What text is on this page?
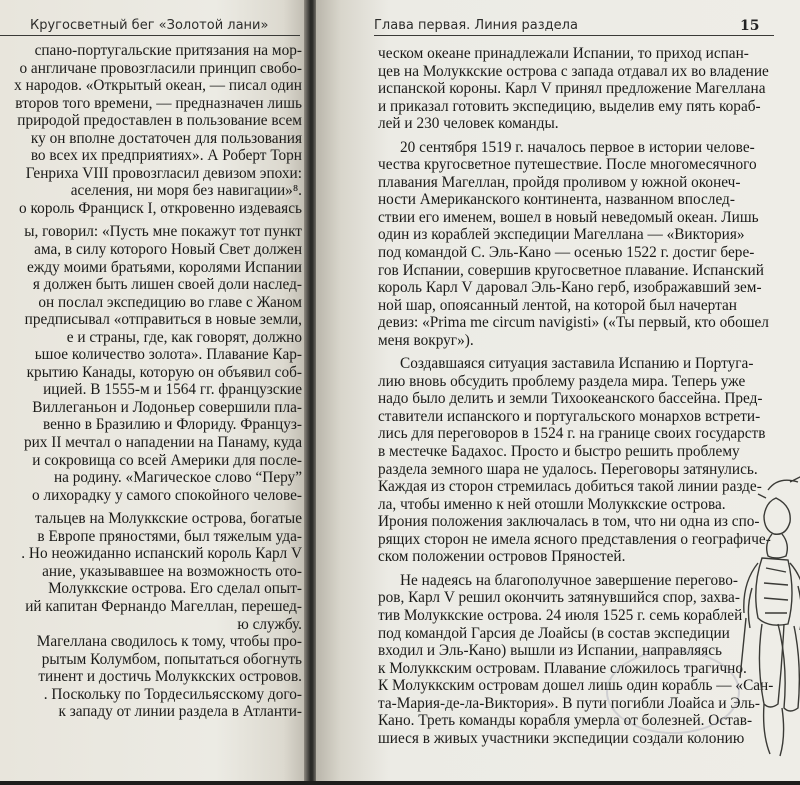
Кругосветный бег «Золотой лани»
спано-португальские притязания на мор-
о англичане провозгласили принцип свобо-
х народов. «Открытый океан, — писал один
второв того времени, — предназначен лишь
природой предоставлен в пользование всем
ку он вполне достаточен для пользования
во всех их предприятиях». А Роберт Торн
Генриха VIII провозгласил девизом эпохи:
аселения, ни моря без навигации»⁸.
о король Франциск I, откровенно издеваясь
ы, говорил: «Пусть мне покажут тот пункт
ама, в силу которого Новый Свет должен
ежду моими братьями, королями Испании
я должен быть лишен своей доли наслед-
он послал экспедицию во главе с Жаном
предписывал «отправиться в новые земли,
е и страны, где, как говорят, должно
ьшое количество золота». Плавание Кар-
крытию Канады, которую он объявил соб-
ицией. В 1555-м и 1564 гг. французские
Виллеганьон и Лодоньер совершили пла-
венно в Бразилию и Флориду. Француз-
рих II мечтал о нападении на Панаму, куда
и сокровища со всей Америки для после-
на родину. «Магическое слово “Перу”
о лихорадку у самого спокойного челове-
тальцев на Молуккские острова, богатые
в Европе пряностями, был тяжелым уда-
. Но неожиданно испанский король Карл V
ание, указывавшее на возможность ото-
Молуккские острова. Его сделал опыт-
ий капитан Фернандо Магеллан, перешед-
ю службу.
Магеллана сводилось к тому, чтобы про-
рытым Колумбом, попытаться обогнуть
тинент и достичь Молуккских островов.
. Поскольку по Тордесильясскому дого-
к западу от линии раздела в Атланти-
Глава первая. Линия раздела	15
ческом океане принадлежали Испании, то приход испан-
цев на Молуккские острова с запада отдавал их во владение
испанской короны. Карл V принял предложение Магеллана
и приказал готовить экспедицию, выделив ему пять кораб-
лей и 230 человек команды.
20 сентября 1519 г. началось первое в истории челове-
чества кругосветное путешествие. После многомесячного
плавания Магеллан, пройдя проливом у южной оконеч-
ности Американского континента, названном впослед-
ствии его именем, вошел в новый неведомый океан. Лишь
один из кораблей экспедиции Магеллана — «Виктория»
под командой С. Эль-Кано — осенью 1522 г. достиг бере-
гов Испании, совершив кругосветное плавание. Испанский
король Карл V даровал Эль-Кано герб, изображавший зем-
ной шар, опоясанный лентой, на которой был начертан
девиз: «Prima me circum navigisti» («Ты первый, кто обошел
меня вокруг»).
Создавшаяся ситуация заставила Испанию и Португа-
лию вновь обсудить проблему раздела мира. Теперь уже
надо было делить и земли Тихоокеанского бассейна. Пред-
ставители испанского и португальского монархов встрети-
лись для переговоров в 1524 г. на границе своих государств
в местечке Бадахос. Просто и быстро решить проблему
раздела земного шара не удалось. Переговоры затянулись.
Каждая из сторон стремилась добиться такой линии разде-
ла, чтобы именно к ней отошли Молуккские острова.
Ирония положения заключалась в том, что ни одна из спо-
рящих сторон не имела ясного представления о географиче-
ском положении островов Пряностей.
Не надеясь на благополучное завершение перегово-
ров, Карл V решил окончить затянувшийся спор, захва-
тив Молуккские острова. 24 июля 1525 г. семь кораблей
под командой Гарсия де Лоайсы (в состав экспедиции
входил и Эль-Кано) вышли из Испании, направляясь
к Молуккским островам. Плавание сложилось трагично.
К Молуккским островам дошел лишь один корабль — «Сан-
та-Мария-де-ла-Виктория». В пути погибли Лоайса и Эль-
Кано. Треть команды корабля умерла от болезней. Остав-
шиеся в живых участники экспедиции создали колонию
